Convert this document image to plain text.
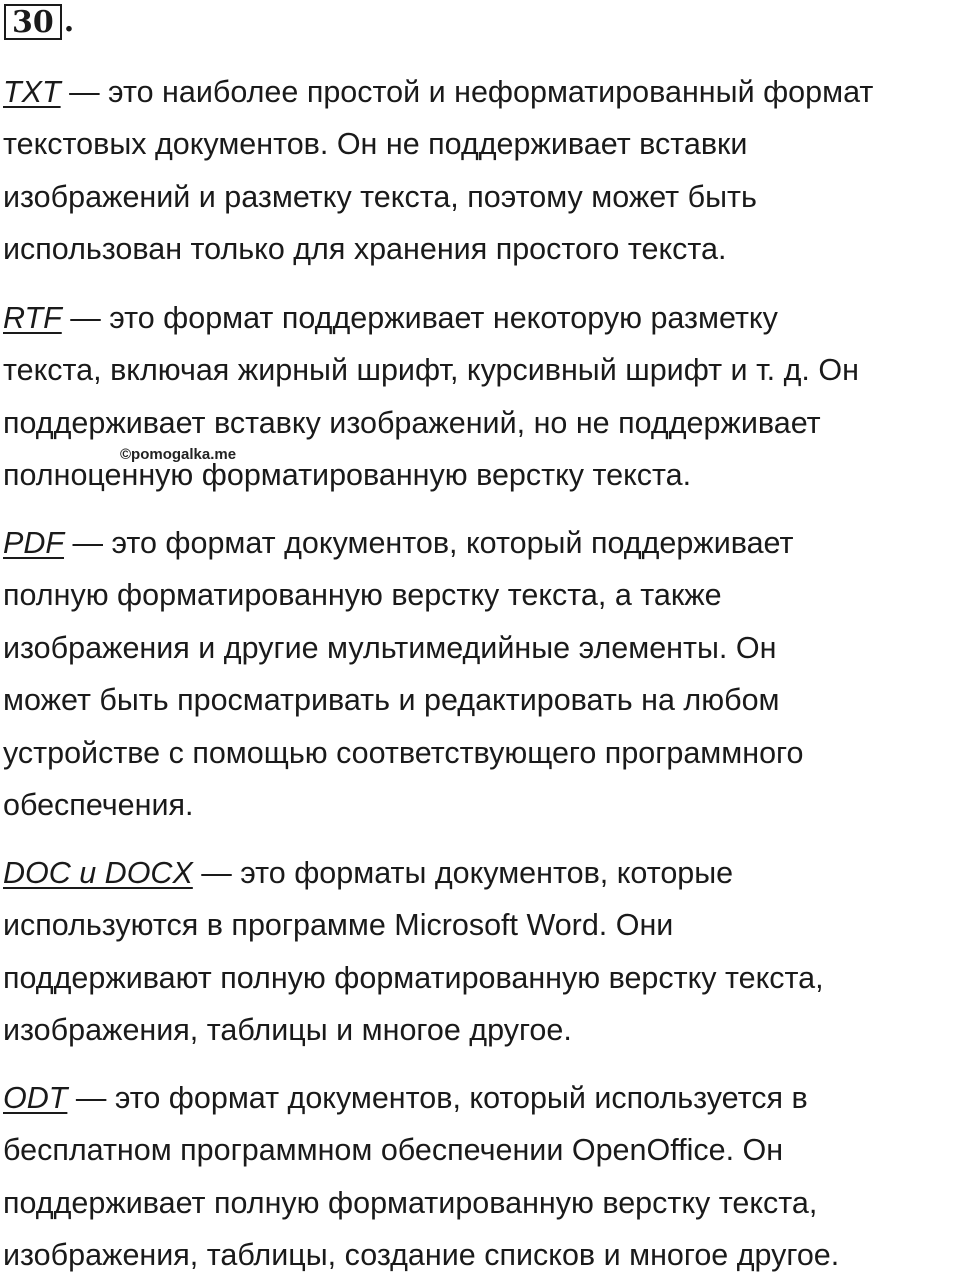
30 .
TXT — это наиболее простой и неформатированный формат
текстовых документов. Он не поддерживает вставки
изображений и разметку текста, поэтому может быть
использован только для хранения простого текста.
RTF — это формат поддерживает некоторую разметку
текста, включая жирный шрифт, курсивный шрифт и т. д. Он
поддерживает вставку изображений, но не поддерживает
полноценную форматированную верстку текста.
©pomogalka.me
PDF — это формат документов, который поддерживает
полную форматированную верстку текста, а также
изображения и другие мультимедийные элементы. Он
может быть просматривать и редактировать на любом
устройстве с помощью соответствующего программного
обеспечения.
DOC и DOCX — это форматы документов, которые
используются в программе Microsoft Word. Они
поддерживают полную форматированную верстку текста,
изображения, таблицы и многое другое.
ODT — это формат документов, который используется в
бесплатном программном обеспечении OpenOffice. Он
поддерживает полную форматированную верстку текста,
изображения, таблицы, создание списков и многое другое.
